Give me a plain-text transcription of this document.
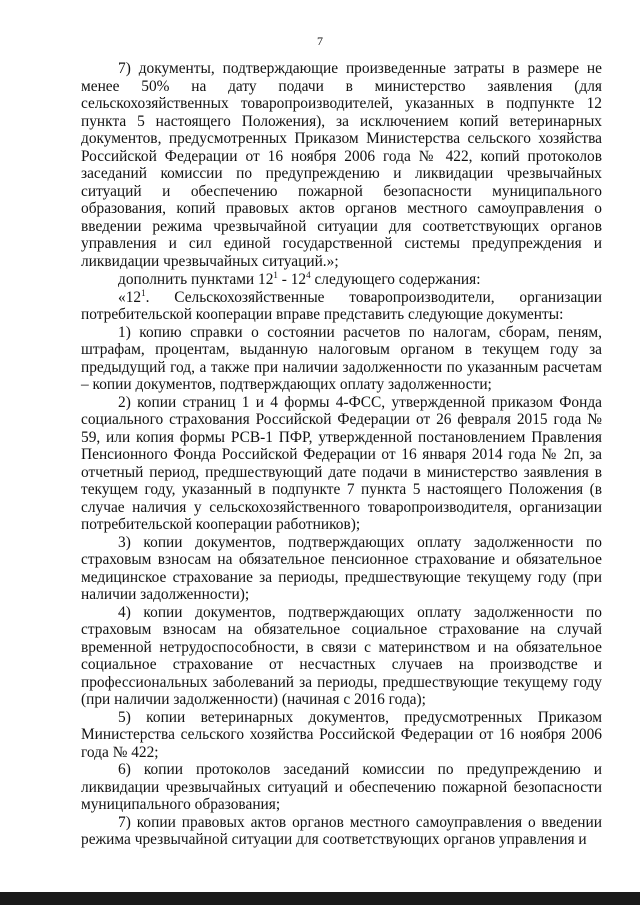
7

7) документы, подтверждающие произведенные затраты в размере не менее 50% на дату подачи в министерство заявления (для сельскохозяйственных товаропроизводителей, указанных в подпункте 12 пункта 5 настоящего Положения), за исключением копий ветеринарных документов, предусмотренных Приказом Министерства сельского хозяйства Российской Федерации от 16 ноября 2006 года № 422, копий протоколов заседаний комиссии по предупреждению и ликвидации чрезвычайных ситуаций и обеспечению пожарной безопасности муниципального образования, копий правовых актов органов местного самоуправления о введении режима чрезвычайной ситуации для соответствующих органов управления и сил единой государственной системы предупреждения и ликвидации чрезвычайных ситуаций.»;

дополнить пунктами $12^1 - 12^4$ следующего содержания:

«$12^1$. Сельскохозяйственные товаропроизводители, организации потребительской кооперации вправе представить следующие документы:

1) копию справки о состоянии расчетов по налогам, сборам, пеням, штрафам, процентам, выданную налоговым органом в текущем году за предыдущий год, а также при наличии задолженности по указанным расчетам – копии документов, подтверждающих оплату задолженности;

2) копии страниц 1 и 4 формы 4-ФСС, утвержденной приказом Фонда социального страхования Российской Федерации от 26 февраля 2015 года № 59, или копия формы РСВ-1 ПФР, утвержденной постановлением Правления Пенсионного Фонда Российской Федерации от 16 января 2014 года № 2п, за отчетный период, предшествующий дате подачи в министерство заявления в текущем году, указанный в подпункте 7 пункта 5 настоящего Положения (в случае наличия у сельскохозяйственного товаропроизводителя, организации потребительской кооперации работников);

3) копии документов, подтверждающих оплату задолженности по страховым взносам на обязательное пенсионное страхование и обязательное медицинское страхование за периоды, предшествующие текущему году (при наличии задолженности);

4) копии документов, подтверждающих оплату задолженности по страховым взносам на обязательное социальное страхование на случай временной нетрудоспособности, в связи с материнством и на обязательное социальное страхование от несчастных случаев на производстве и профессиональных заболеваний за периоды, предшествующие текущему году (при наличии задолженности) (начиная с 2016 года);

5) копии ветеринарных документов, предусмотренных Приказом Министерства сельского хозяйства Российской Федерации от 16 ноября 2006 года № 422;

6) копии протоколов заседаний комиссии по предупреждению и ликвидации чрезвычайных ситуаций и обеспечению пожарной безопасности муниципального образования;

7) копии правовых актов органов местного самоуправления о введении режима чрезвычайной ситуации для соответствующих органов управления и
